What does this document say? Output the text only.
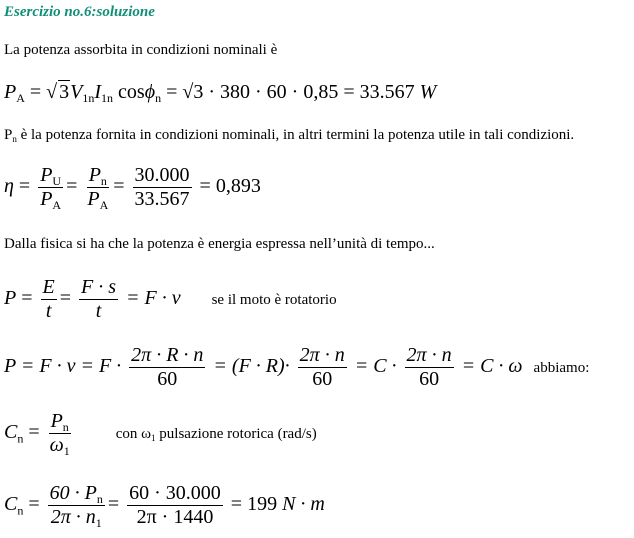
Esercizio no.6:soluzione
La potenza assorbita in condizioni nominali è
$P_A$ = √ $3V_{1n}I_{1n}$ cosϕ$_n$ = √3 · 380 · 60 · 0,85 = 33.567 W
$P_n$ è la potenza fornita in condizioni nominali, in altri termini la potenza utile in tali condizioni.
$\eta = \frac{P_U}{P_A} = \frac{P_n}{P_A} = \frac{30.000}{33.567} = 0,893$
Dalla fisica si ha che la potenza è energia espressa nell’unità di tempo...
$P = \frac{E}{t} = \frac{F \cdot s}{t} = F \cdot v$ se il moto è rotatorio
$P = F \cdot v = F \cdot \frac{2\pi \cdot R \cdot n}{60} = (F \cdot R)\cdot \frac{2\pi \cdot n}{60} = C \cdot \frac{2\pi \cdot n}{60} = C \cdot \omega$ abbiamo:
$C_n = \frac{P_n}{\omega_1}$	con $\omega_1$ pulsazione rotorica (rad/s)
$C_n = \frac{60 \cdot P_n}{2\pi \cdot n_1} = \frac{60 \cdot 30.000}{2\pi \cdot 1440} = 199$ N · m
